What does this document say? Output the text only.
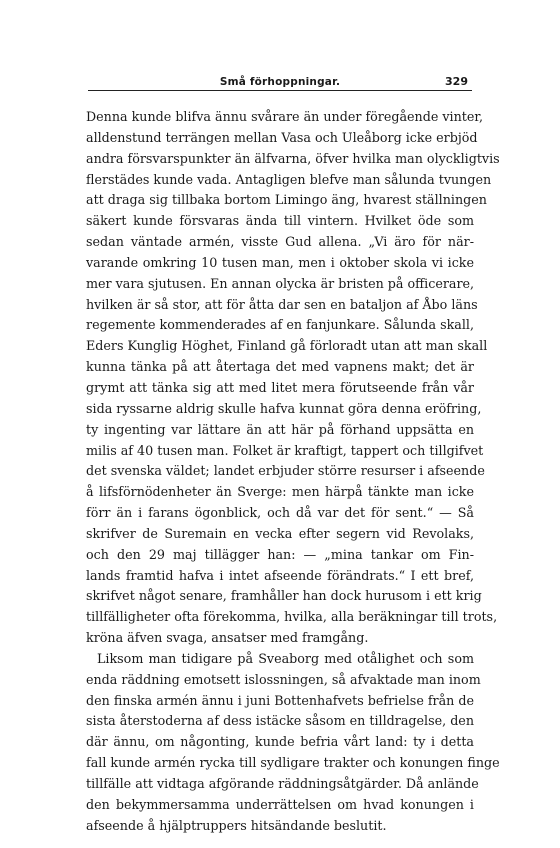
Små förhoppningar.	329
Denna kunde blifva ännu svårare än under föregående vinter,
alldenstund terrängen mellan Vasa och Uleåborg icke erbjöd
andra försvarspunkter än älfvarna, öfver hvilka man olyckligtvis
flerstädes kunde vada. Antagligen blefve man sålunda tvungen
att draga sig tillbaka bortom Limingo äng, hvarest ställningen
säkert kunde försvaras ända till vintern. Hvilket öde som
sedan väntade armén, visste Gud allena. „Vi äro för när-
varande omkring 10 tusen man, men i oktober skola vi icke
mer vara sjutusen. En annan olycka är bristen på officerare,
hvilken är så stor, att för åtta dar sen en bataljon af Åbo läns
regemente kommenderades af en fanjunkare. Sålunda skall,
Eders Kunglig Höghet, Finland gå förloradt utan att man skall
kunna tänka på att återtaga det med vapnens makt; det är
grymt att tänka sig att med litet mera förutseende från vår
sida ryssarne aldrig skulle hafva kunnat göra denna eröfring,
ty ingenting var lättare än att här på förhand uppsätta en
milis af 40 tusen man. Folket är kraftigt, tappert och tillgifvet
det svenska väldet; landet erbjuder större resurser i afseende
å lifsförnödenheter än Sverge: men härpå tänkte man icke
förr än i farans ögonblick, och då var det för sent.“ — Så
skrifver de Suremain en vecka efter segern vid Revolaks,
och den 29 maj tillägger han: — „mina tankar om Fin-
lands framtid hafva i intet afseende förändrats.“ I ett bref,
skrifvet något senare, framhåller han dock hurusom i ett krig
tillfälligheter ofta förekomma, hvilka, alla beräkningar till trots,
kröna äfven svaga, ansatser med framgång.
Liksom man tidigare på Sveaborg med otålighet och som
enda räddning emotsett islossningen, så afvaktade man inom
den finska armén ännu i juni Bottenhafvets befrielse från de
sista återstoderna af dess istäcke såsom en tilldragelse, den
där ännu, om någonting, kunde befria vårt land: ty i detta
fall kunde armén rycka till sydligare trakter och konungen finge
tillfälle att vidtaga afgörande räddningsåtgärder. Då anlände
den bekymmersamma underrättelsen om hvad konungen i
afseende å hjälptruppers hitsändande beslutit.
